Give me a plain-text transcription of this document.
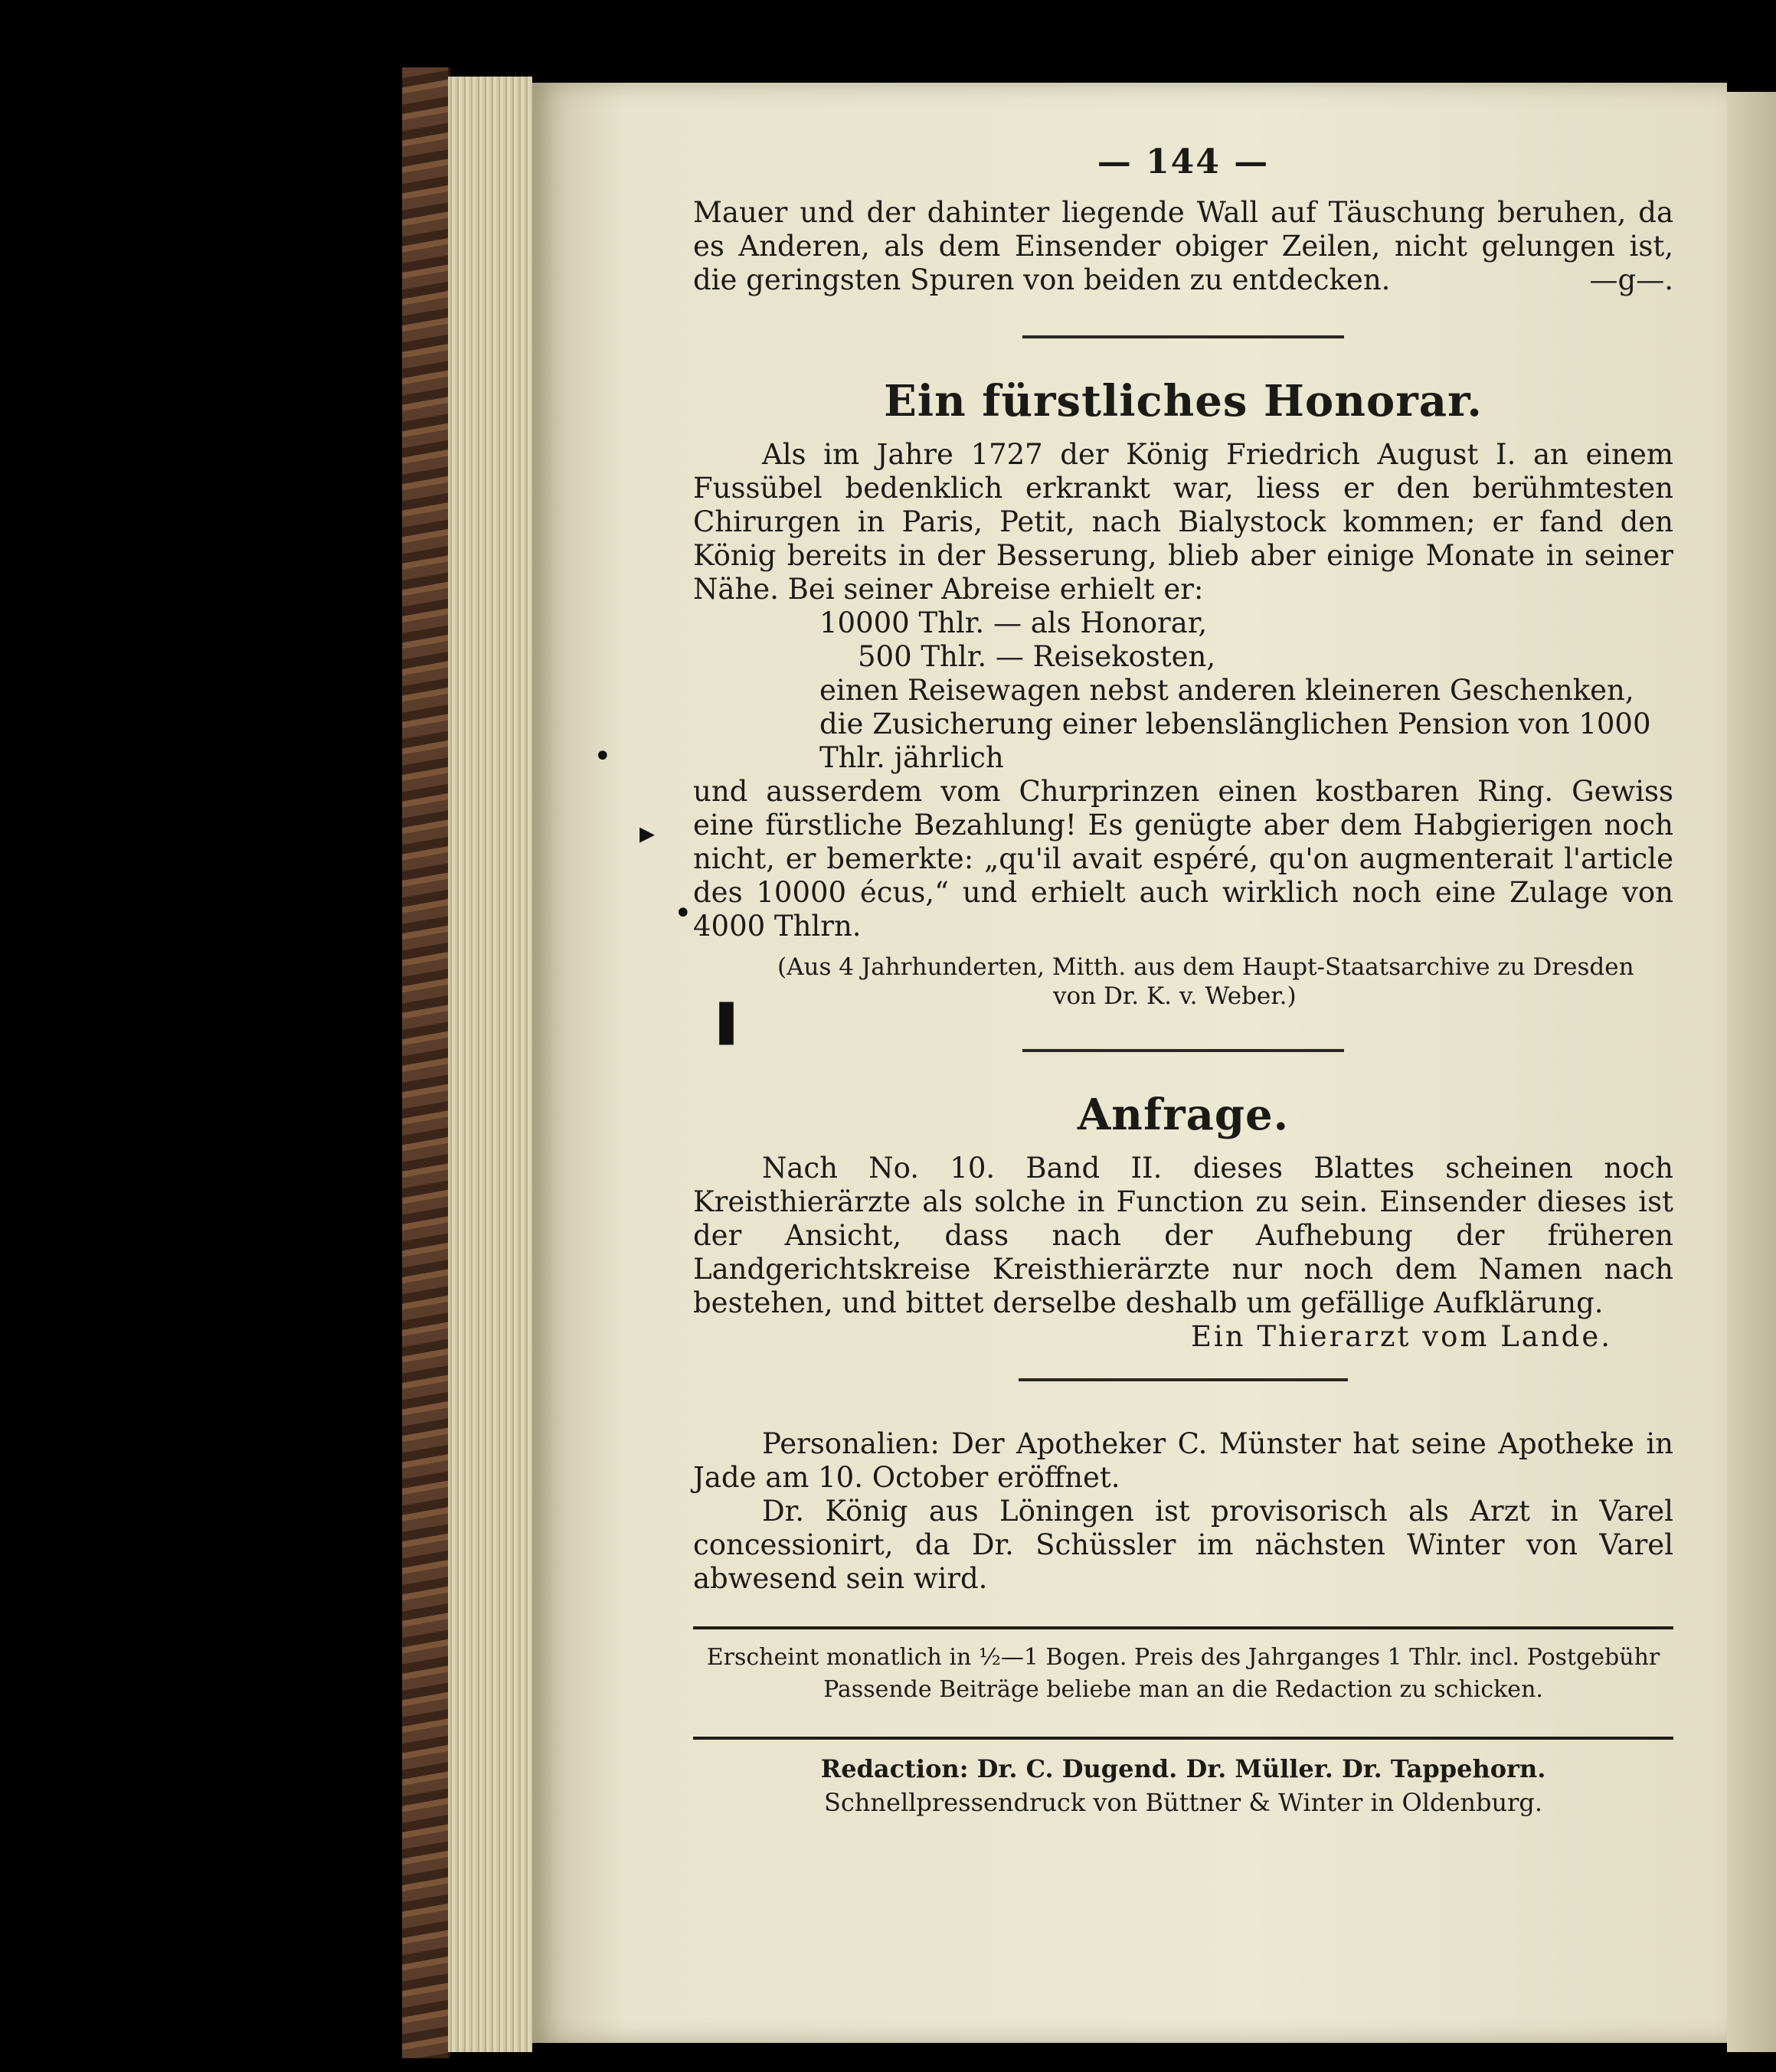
•
▸
•
❚
— 144 —

Mauer und der dahinter liegende Wall auf Täuschung beruhen, da es Anderen, als dem Einsender obiger Zeilen, nicht gelungen ist, die geringsten Spuren von beiden zu entdecken.	—g—.

Ein fürstliches Honorar.

Als im Jahre 1727 der König Friedrich August I. an einem Fussübel bedenklich erkrankt war, liess er den berühmtesten Chirurgen in Paris, Petit, nach Bialystock kommen; er fand den König bereits in der Besserung, blieb aber einige Monate in seiner Nähe. Bei seiner Abreise erhielt er:

10000 Thlr. — als Honorar,
500 Thlr. — Reisekosten,
einen Reisewagen nebst anderen kleineren Geschenken,
die Zusicherung einer lebenslänglichen Pension von 1000 Thlr. jährlich

und ausserdem vom Churprinzen einen kostbaren Ring. Gewiss eine fürstliche Bezahlung! Es genügte aber dem Habgierigen noch nicht, er bemerkte: „qu'il avait espéré, qu'on augmenterait l'article des 10000 écus,“ und erhielt auch wirklich noch eine Zulage von 4000 Thlrn.

(Aus 4 Jahrhunderten, Mitth. aus dem Haupt-Staatsarchive zu Dresden
von Dr. K. v. Weber.)
Anfrage.

Nach No. 10. Band II. dieses Blattes scheinen noch Kreisthierärzte als solche in Function zu sein. Einsender dieses ist der Ansicht, dass nach der Aufhebung der früheren Landgerichtskreise Kreisthierärzte nur noch dem Namen nach bestehen, und bittet derselbe deshalb um gefällige Aufklärung.

Ein Thierarzt vom Lande.

Personalien: Der Apotheker C. Münster hat seine Apotheke in Jade am 10. October eröffnet.

Dr. König aus Löningen ist provisorisch als Arzt in Varel concessionirt, da Dr. Schüssler im nächsten Winter von Varel abwesend sein wird.

Erscheint monatlich in ½—1 Bogen. Preis des Jahrganges 1 Thlr. incl. Postgebühr
Passende Beiträge beliebe man an die Redaction zu schicken.
Redaction: Dr. C. Dugend. Dr. Müller. Dr. Tappehorn.
Schnellpressendruck von Büttner & Winter in Oldenburg.
